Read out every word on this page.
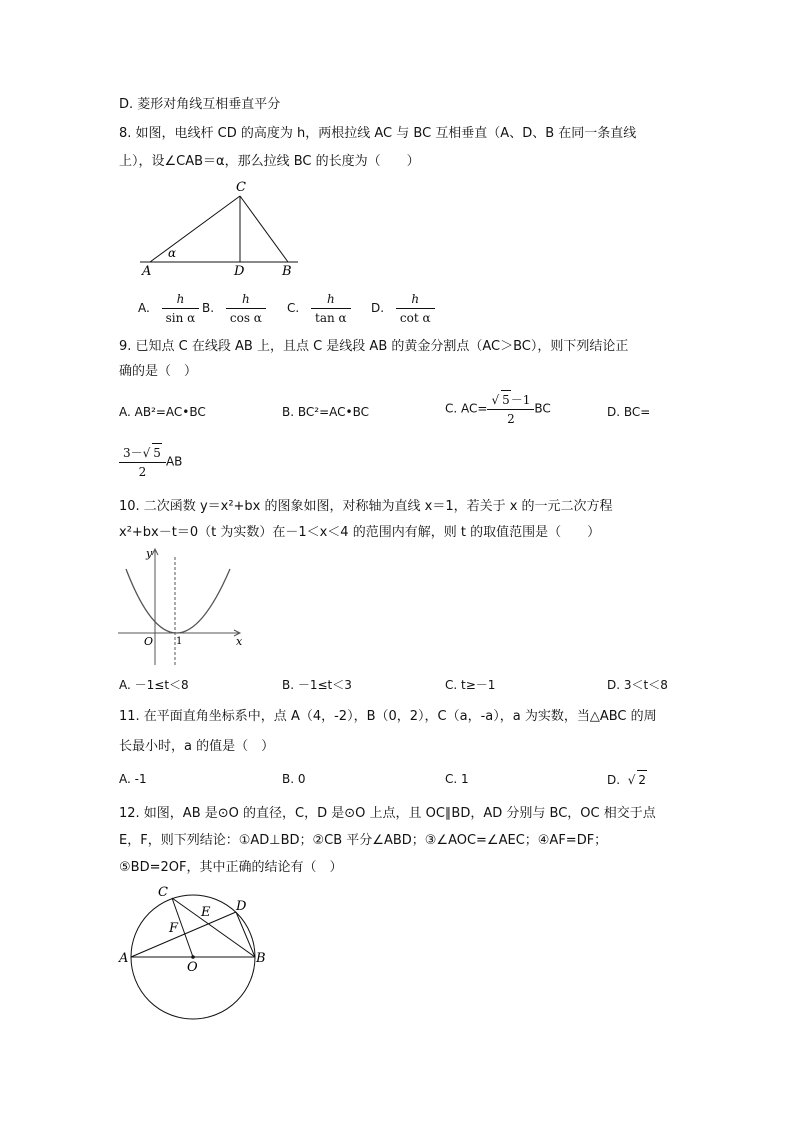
D. 菱形对角线互相垂直平分
8. 如图，电线杆 CD 的高度为 h，两根拉线 AC 与 BC 互相垂直（A、D、B 在同一条直线
上），设∠CAB＝α，那么拉线 BC 的长度为（　　）
C
A	D	B
α
A. $\frac{h}{\text{sin α}} B$. $\frac{h}{\text{cos α}} C$. $\frac{h}{\text{tan α}} D$. $\frac{h}{\text{cot α}}$
9. 已知点 C 在线段 AB 上，且点 C 是线段 AB 的黄金分割点（AC＞BC），则下列结论正
确的是（　）
A. AB²=AC•BC	B. BC²=AC•BC	C. $AC= \frac{√ 5-1}{2}$ BC	D. BC=
$\frac{3-√ 5}{2}$ AB
10. 二次函数 y＝x²+bx 的图象如图，对称轴为直线 x＝1，若关于 x 的一元二次方程
x²+bx－t＝0（t 为实数）在－1＜x＜4 的范围内有解，则 t 的取值范围是（　　）
y
x
O 1
A. －1≤t＜8	B. －1≤t＜3	C. t≥－1	D. 3＜t＜8
11. 在平面直角坐标系中，点 A（4，-2），B（0，2），C（a，-a），a 为实数，当△ABC 的周
长最小时，a 的值是（　）
A. -1	B. 0	C. 1	D.  √ 2
12. 如图，AB 是⊙O 的直径，C，D 是⊙O 上点，且 OC∥BD，AD 分别与 BC，OC 相交于点
E，F，则下列结论：①AD⊥BD；②CB 平分∠ABD；③∠AOC=∠AEC；④AF=DF；
⑤BD=2OF，其中正确的结论有（　）
C
D
E
F
A
O
B
